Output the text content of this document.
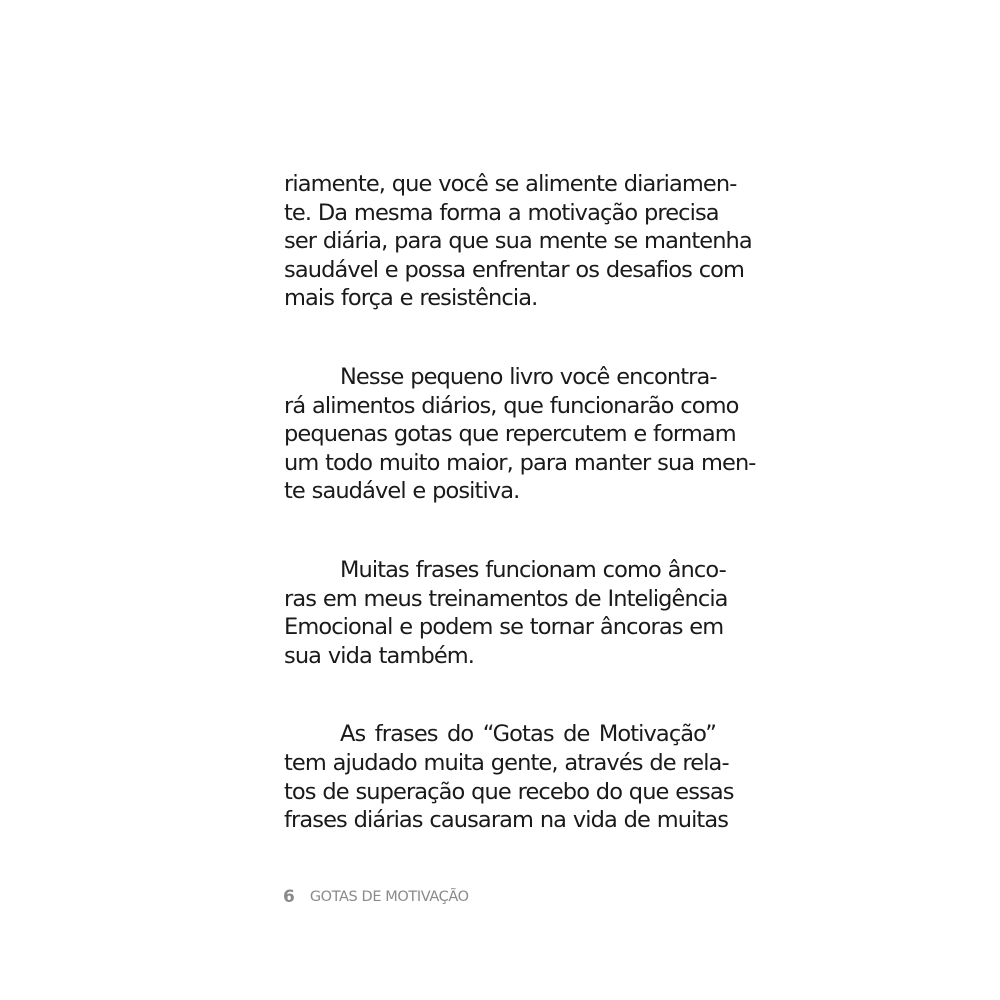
riamente, que você se alimente diariamen-
te. Da mesma forma a motivação precisa
ser diária, para que sua mente se mantenha
saudável e possa enfrentar os desafios com
mais força e resistência.

Nesse pequeno livro você encontra-
rá alimentos diários, que funcionarão como
pequenas gotas que repercutem e formam
um todo muito maior, para manter sua men-
te saudável e positiva.

Muitas frases funcionam como ânco-
ras em meus treinamentos de Inteligência
Emocional e podem se tornar âncoras em
sua vida também.

As frases do “Gotas de Motivação”
tem ajudado muita gente, através de rela-
tos de superação que recebo do que essas
frases diárias causaram na vida de muitas

6 GOTAS DE MOTIVAÇÃO
